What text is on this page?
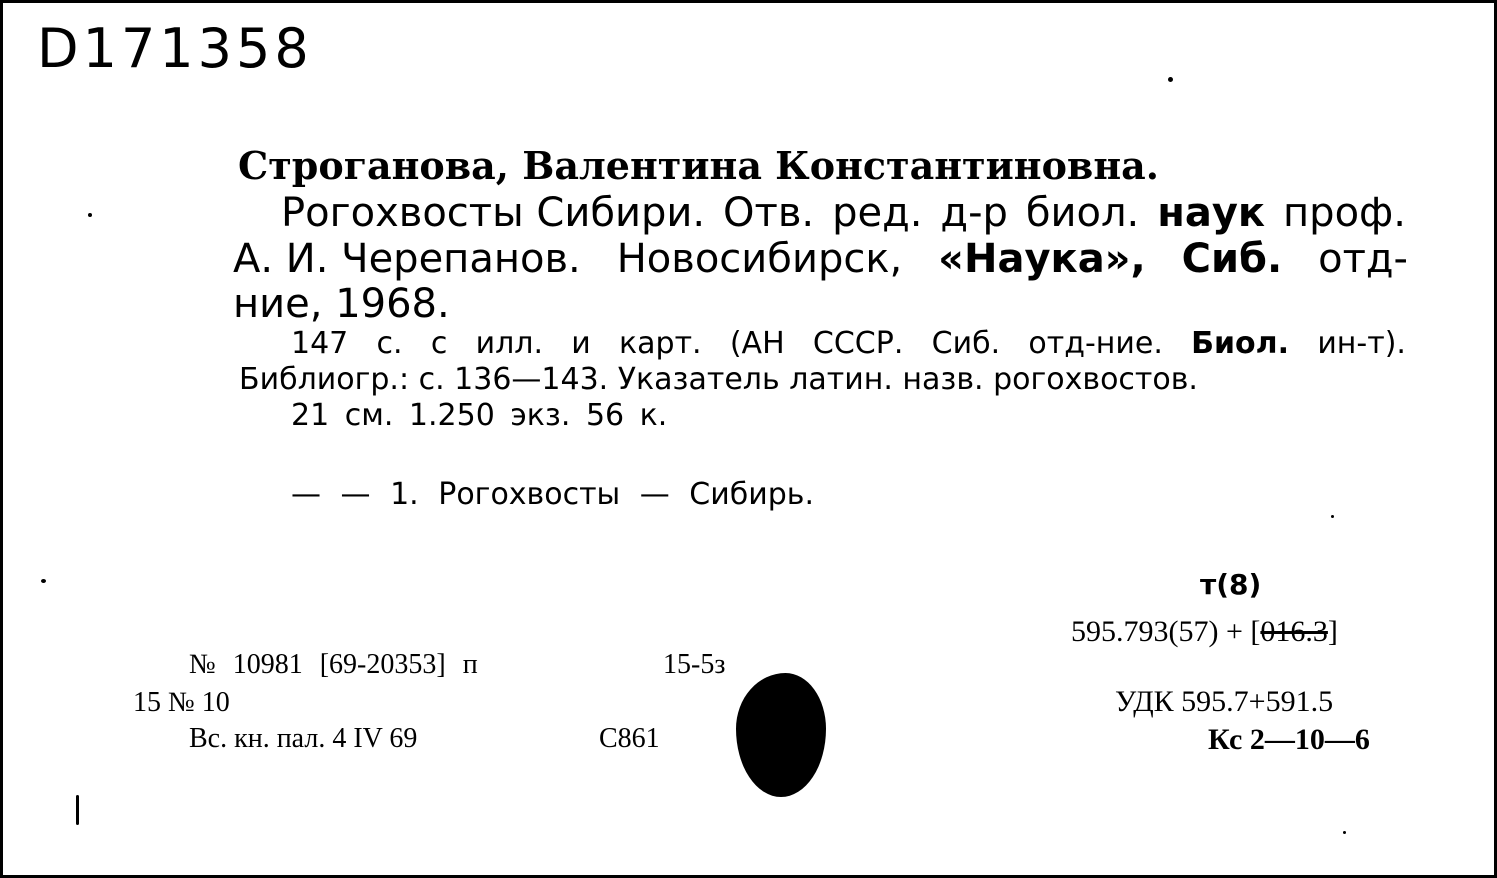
D171358
Строганова, Валентина Константиновна.
Рогохвосты Сибири. Отв. ред. д-р биол. наук проф.
А. И. Черепанов. Новосибирск, «Наука», Сиб. отд-
ние, 1968.
147 с. с илл. и карт. (АН СССР. Сиб. отд-ние. Биол. ин-т).
Библиогр.: с. 136—143. Указатель латин. назв. рогохвостов.
21 см. 1.250 экз. 56 к.
— — 1. Рогохвосты — Сибирь.
т(8)
595.793(57) + [016.3]
№ 10981 [69-20353] п	15-5з
15 № 10
Вс. кн. пал. 4 IV 69	С861
УДК 595.7+591.5
Кс 2—10—6
